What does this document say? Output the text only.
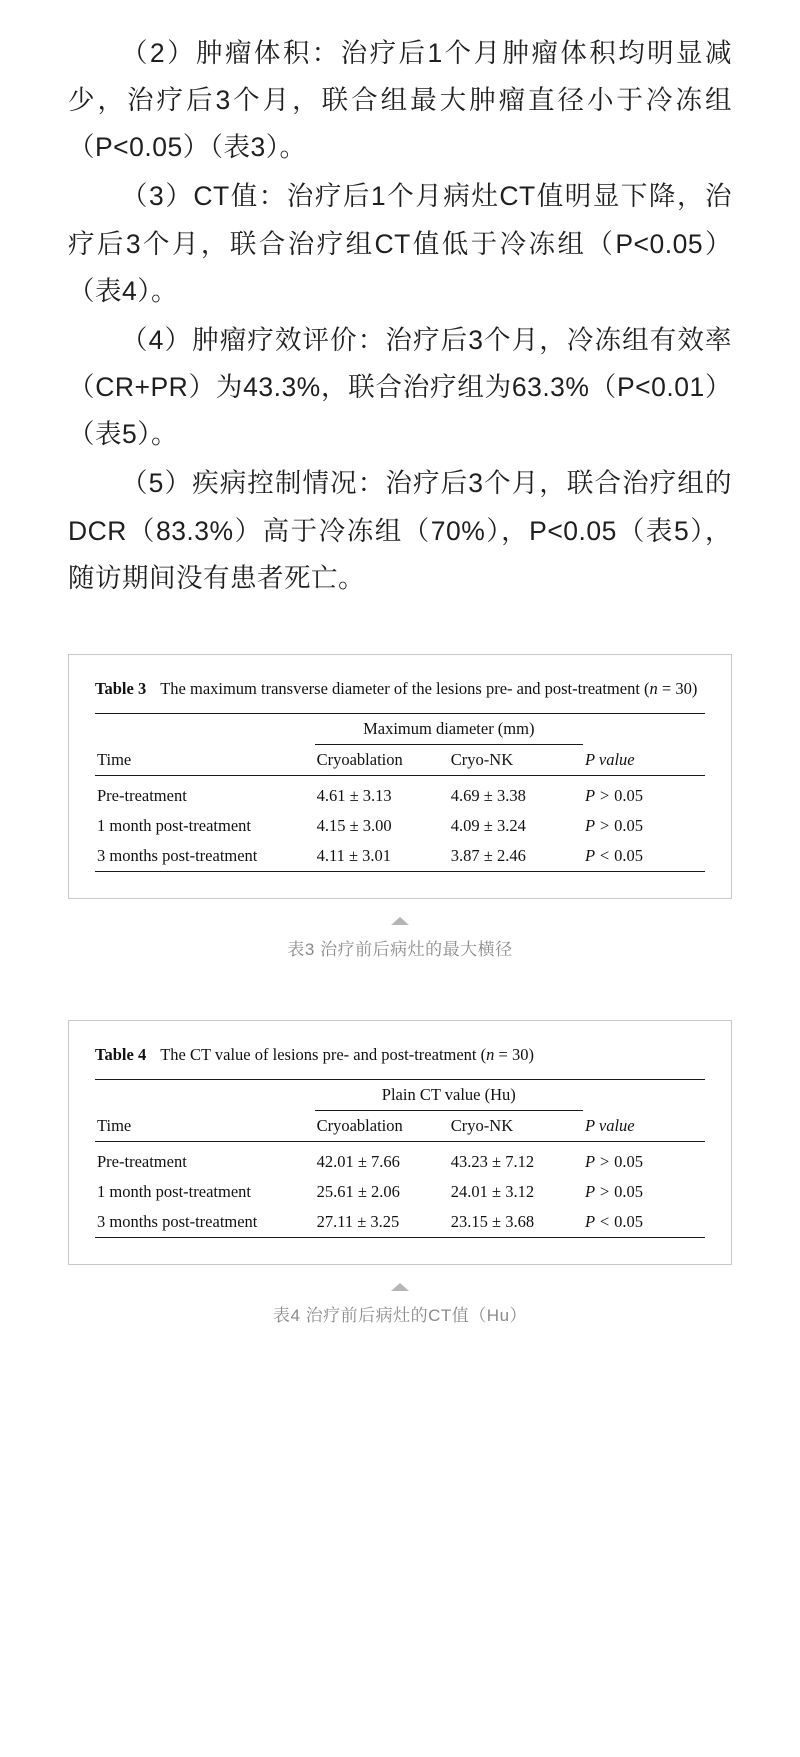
（2）肿瘤体积：治疗后1个月肿瘤体积均明显减少，治疗后3个月，联合组最大肿瘤直径小于冷冻组（P<0.05）（表3）。

（3）CT值：治疗后1个月病灶CT值明显下降，治疗后3个月，联合治疗组CT值低于冷冻组（P<0.05）（表4）。

（4）肿瘤疗效评价：治疗后3个月，冷冻组有效率（CR+PR）为43.3%，联合治疗组为63.3%（P<0.01）（表5）。

（5）疾病控制情况：治疗后3个月，联合治疗组的DCR（83.3%）高于冷冻组（70%），P<0.05（表5），随访期间没有患者死亡。

Table 3 The maximum transverse diameter of the lesions pre- and post-treatment (n = 30)
Time	Maximum diameter (mm)		P value
	Cryoablation	Cryo-NK	
Pre-treatment	4.61 ± 3.13	4.69 ± 3.38	P > 0.05
1 month post-treatment	4.15 ± 3.00	4.09 ± 3.24	P > 0.05
3 months post-treatment	4.11 ± 3.01	3.87 ± 2.46	P < 0.05
表3 治疗前后病灶的最大横径
Table 4 The CT value of lesions pre- and post-treatment (n = 30)
Time	Plain CT value (Hu)		P value
	Cryoablation	Cryo-NK	
Pre-treatment	42.01 ± 7.66	43.23 ± 7.12	P > 0.05
1 month post-treatment	25.61 ± 2.06	24.01 ± 3.12	P > 0.05
3 months post-treatment	27.11 ± 3.25	23.15 ± 3.68	P < 0.05
表4 治疗前后病灶的CT值（Hu）
